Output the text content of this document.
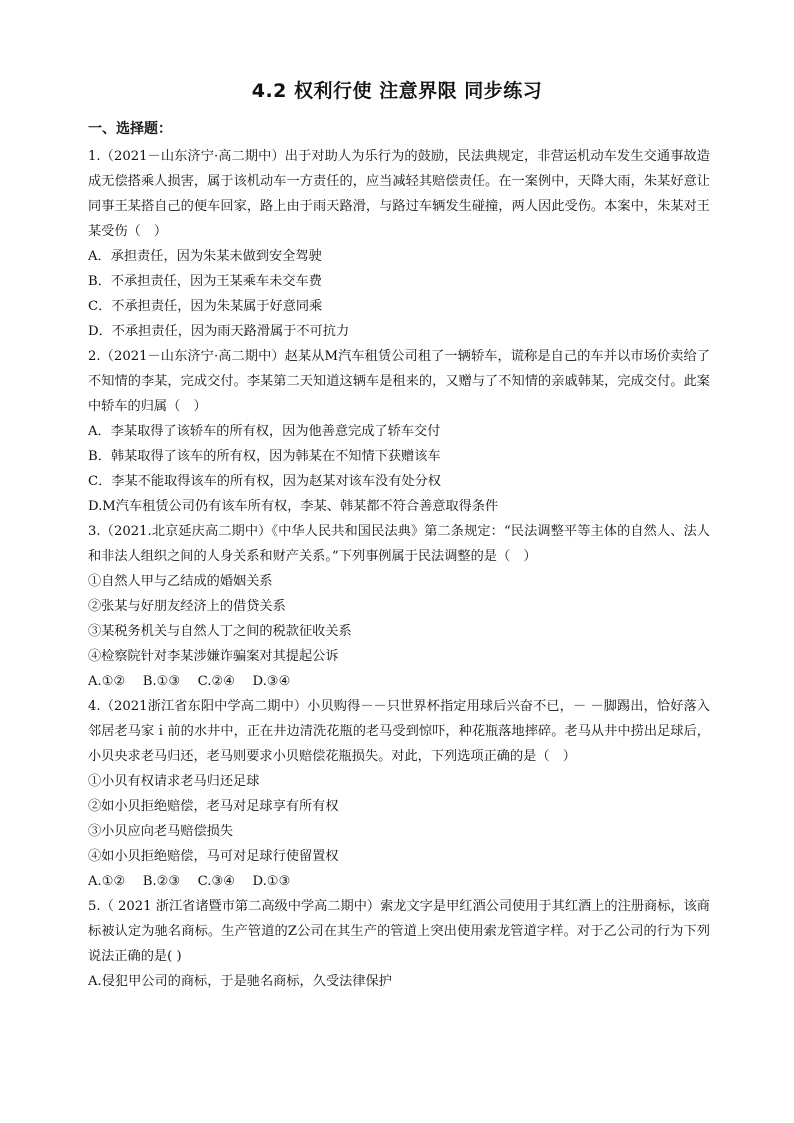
4.2 权利行使 注意界限 同步练习
一、选择题：

1.（2021－山东济宁·高二期中）出于对助人为乐行为的鼓励，民法典规定，非营运机动车发生交通事故造成无偿搭乘人损害，属于该机动车一方责任的，应当减轻其赔偿责任。在一案例中，天降大雨，朱某好意让同事王某搭自己的便车回家，路上由于雨天路滑，与路过车辆发生碰撞，两人因此受伤。本案中，朱某对王某受伤（　）

A．承担责任，因为朱某未做到安全驾驶

B．不承担责任，因为王某乘车未交车费

C．不承担责任，因为朱某属于好意同乘

D．不承担责任，因为雨天路滑属于不可抗力

2.（2021－山东济宁·高二期中）赵某从M汽车租赁公司租了一辆轿车，谎称是自己的车并以市场价卖给了不知情的李某，完成交付。李某第二天知道这辆车是租来的，又赠与了不知情的亲戚韩某，完成交付。此案中轿车的归属（　）

A．李某取得了该轿车的所有权，因为他善意完成了轿车交付

B．韩某取得了该车的所有权，因为韩某在不知情下获赠该车

C．李某不能取得该车的所有权，因为赵某对该车没有处分权

D.M汽车租赁公司仍有该车所有权，李某、韩某都不符合善意取得条件

3.（2021.北京延庆高二期中）《中华人民共和国民法典》第二条规定：“民法调整平等主体的自然人、法人和非法人组织之间的人身关系和财产关系。”下列事例属于民法调整的是（　）

①自然人甲与乙结成的婚姻关系

②张某与好朋友经济上的借贷关系

③某税务机关与自然人丁之间的税款征收关系

④检察院针对李某涉嫌诈骗案对其提起公诉

A.①②　 B.①③　 C.②④　 D.③④

4.（2021浙江省东阳中学高二期中）小贝购得－－只世界杯指定用球后兴奋不已，－ －脚踢出，恰好落入邻居老马家ｉ前的水井中，正在井边清洗花瓶的老马受到惊吓，种花瓶落地摔碎。老马从井中捞出足球后，小贝央求老马归还，老马则要求小贝赔偿花瓶损失。对此，下列选项正确的是（　）

①小贝有权请求老马归还足球

②如小贝拒绝赔偿，老马对足球享有所有权

③小贝应向老马赔偿损失

④如小贝拒绝赔偿，马可对足球行使留置权

A.①②　 B.②③　 C.③④　 D.①③

5.（ 2021 浙江省诸暨市第二高级中学高二期中）索龙文字是甲红酒公司使用于其红酒上的注册商标，该商标被认定为驰名商标。生产管道的Z公司在其生产的管道上突出使用索龙管道字样。对于乙公司的行为下列说法正确的是( )

A.侵犯甲公司的商标，于是驰名商标，久受法律保护
